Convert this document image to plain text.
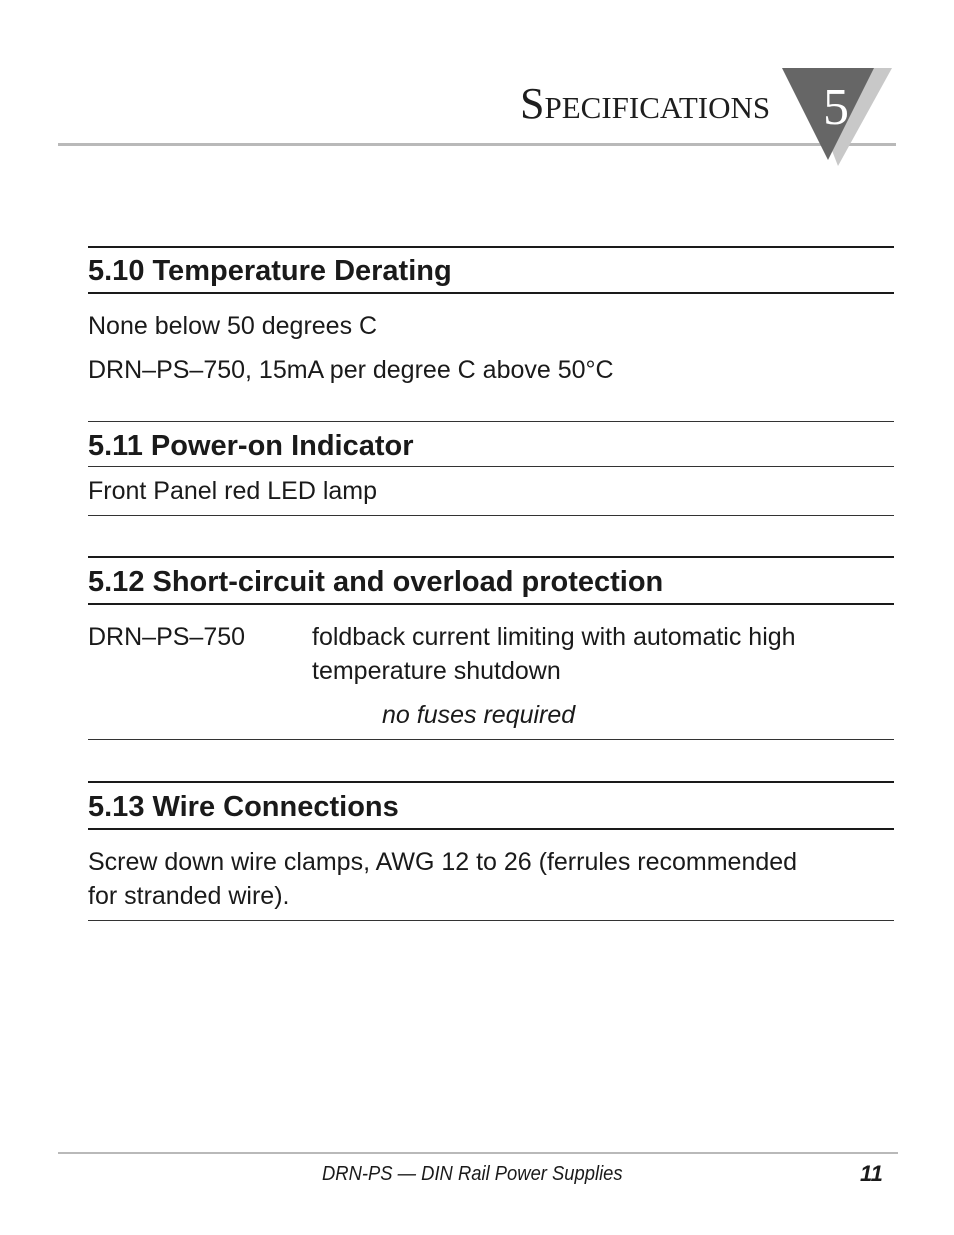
Specifications 5
5.10 Temperature Derating
None below 50 degrees C
DRN–PS–750, 15mA per degree C above 50°C
5.11 Power-on Indicator
Front Panel red LED lamp
5.12 Short-circuit and overload protection
DRN–PS–750	foldback current limiting with automatic high
temperature shutdown
no fuses required
5.13 Wire Connections
Screw down wire clamps, AWG 12 to 26 (ferrules recommended
for stranded wire).
DRN-PS — DIN Rail Power Supplies	11
